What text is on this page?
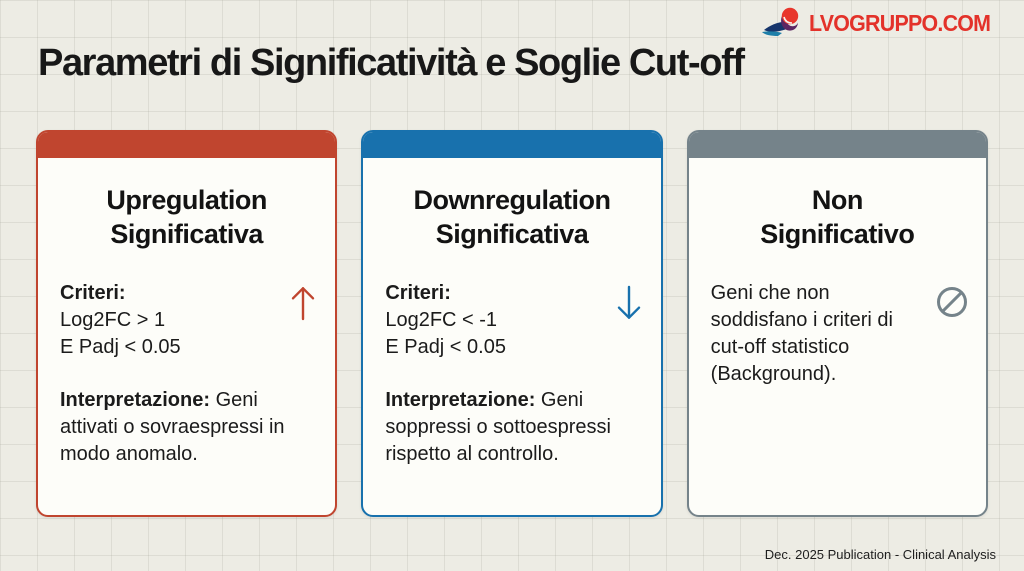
LVOGRUPPO.COM
Parametri di Significatività e Soglie Cut-off
Upregulation
Significativa
Criteri:
Log2FC > 1
E Padj < 0.05
Interpretazione: Geni attivati o sovraespressi in modo anomalo.
Downregulation
Significativa
Criteri:
Log2FC < -1
E Padj < 0.05
Interpretazione: Geni soppressi o sottoespressi rispetto al controllo.
Non
Significativo
Geni che non soddisfano i criteri di cut-off statistico (Background).
Dec. 2025 Publication - Clinical Analysis
